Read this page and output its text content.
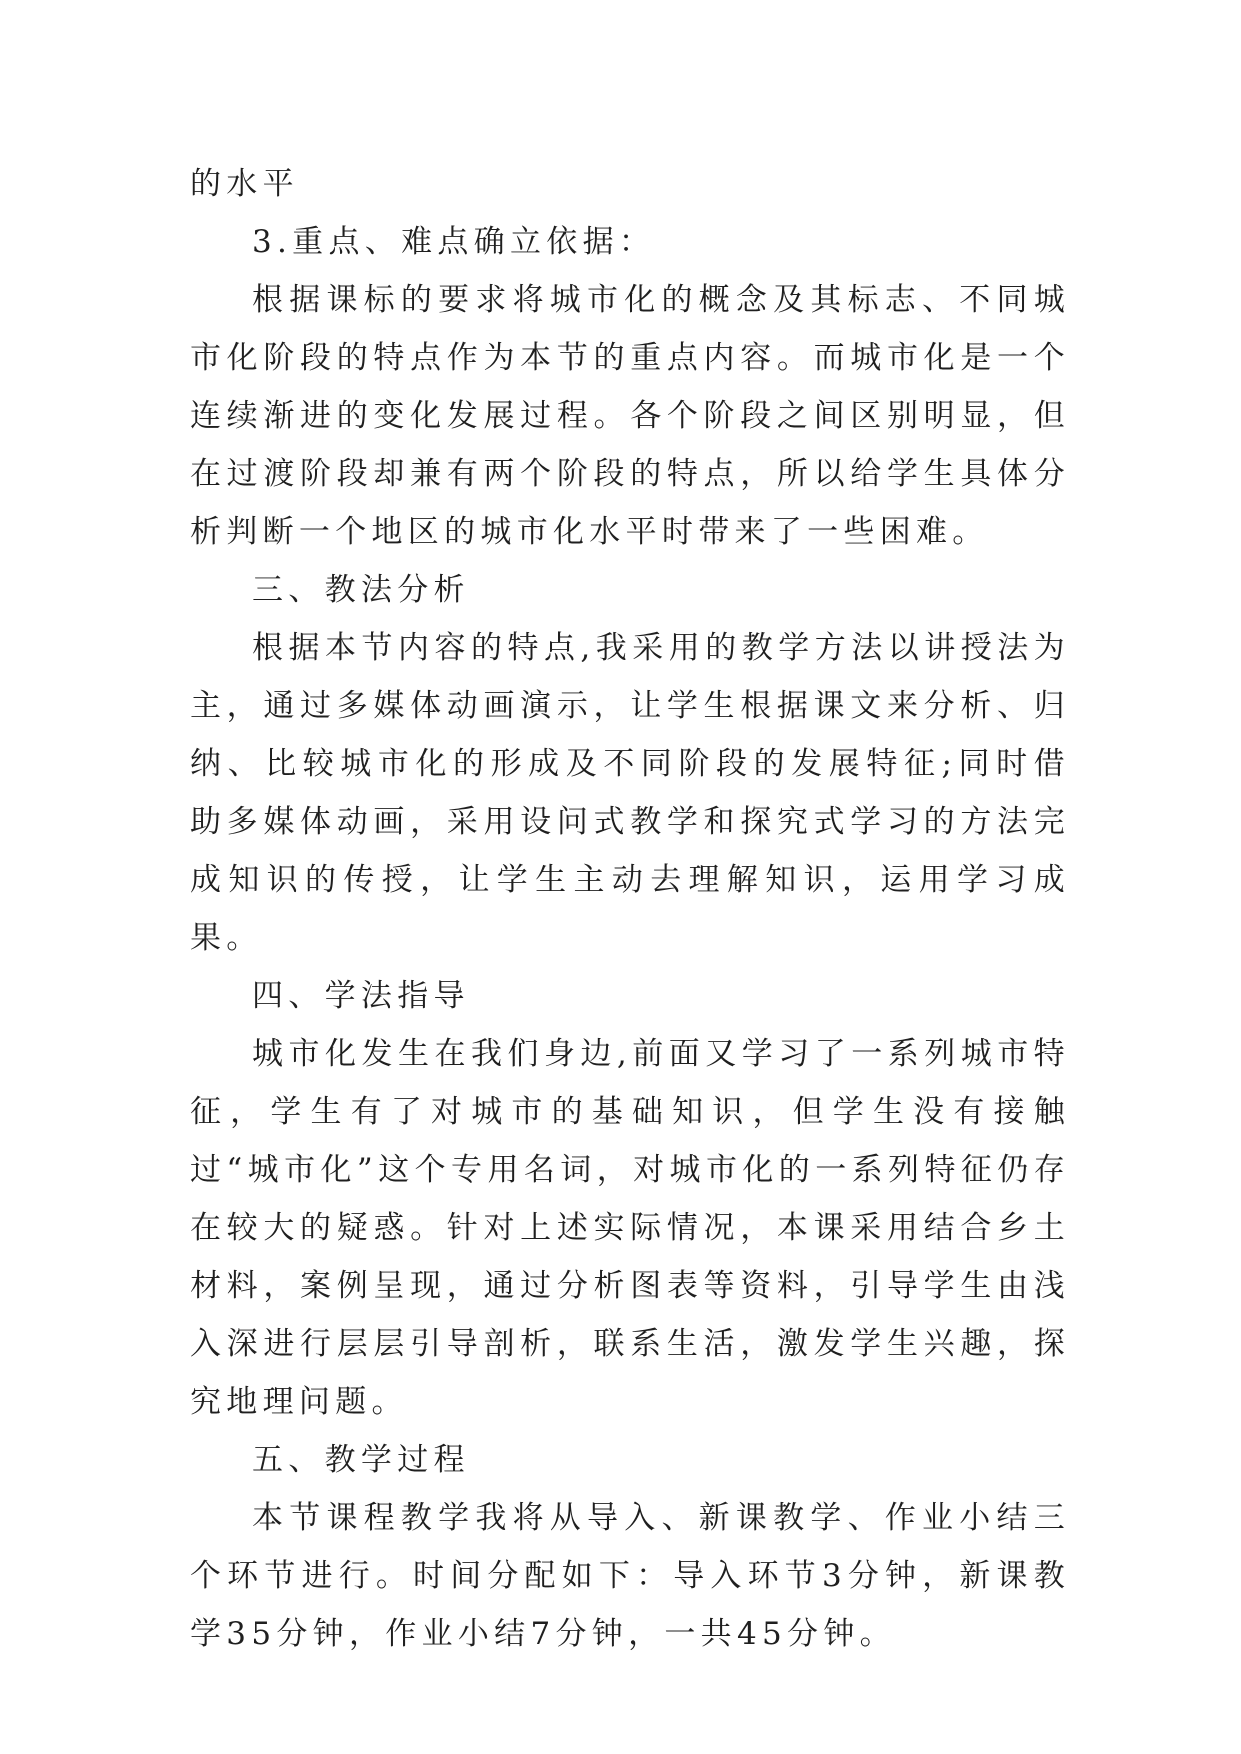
的水平

3.重点、难点确立依据：

根据课标的要求将城市化的概念及其标志、不同城市化阶段的特点作为本节的重点内容。而城市化是一个连续渐进的变化发展过程。各个阶段之间区别明显，但在过渡阶段却兼有两个阶段的特点，所以给学生具体分析判断一个地区的城市化水平时带来了一些困难。

三、教法分析

根据本节内容的特点,我采用的教学方法以讲授法为主，通过多媒体动画演示，让学生根据课文来分析、归纳、比较城市化的形成及不同阶段的发展特征;同时借助多媒体动画，采用设问式教学和探究式学习的方法完成知识的传授，让学生主动去理解知识，运用学习成果。

四、学法指导

城市化发生在我们身边,前面又学习了一系列城市特征，学生有了对城市的基础知识，但学生没有接触过“城市化”这个专用名词，对城市化的一系列特征仍存在较大的疑惑。针对上述实际情况，本课采用结合乡土材料，案例呈现，通过分析图表等资料，引导学生由浅入深进行层层引导剖析，联系生活，激发学生兴趣，探究地理问题。

五、教学过程

本节课程教学我将从导入、新课教学、作业小结三个环节进行。时间分配如下：导入环节3分钟，新课教学35分钟，作业小结7分钟，一共45分钟。
